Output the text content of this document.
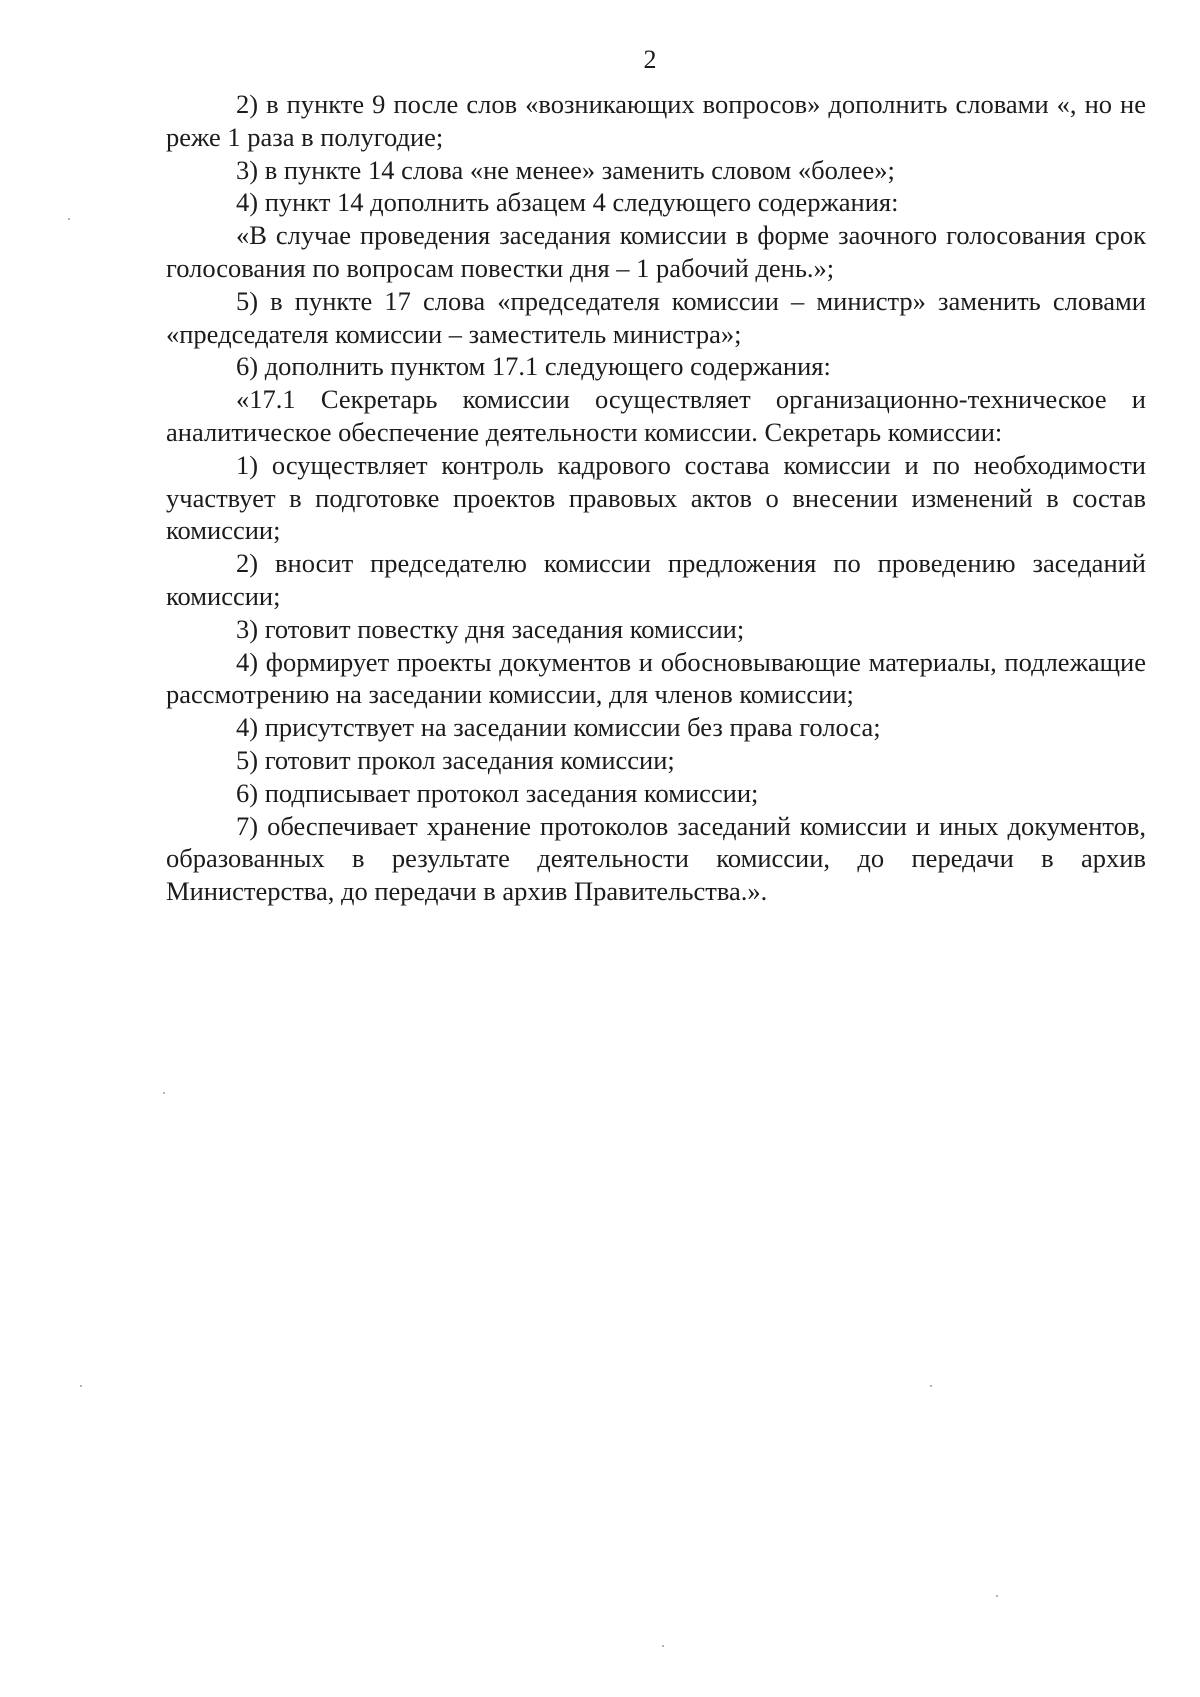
2

2) в пункте 9 после слов «возникающих вопросов» дополнить словами «, но не реже 1 раза в полугодие;

3) в пункте 14 слова «не менее» заменить словом «более»;

4) пункт 14 дополнить абзацем 4 следующего содержания:

«В случае проведения заседания комиссии в форме заочного голосования срок голосования по вопросам повестки дня – 1 рабочий день.»;

5) в пункте 17 слова «председателя комиссии – министр» заменить словами «председателя комиссии – заместитель министра»;

6) дополнить пунктом 17.1 следующего содержания:

«17.1 Секретарь комиссии осуществляет организационно-техническое и аналитическое обеспечение деятельности комиссии. Секретарь комиссии:

1) осуществляет контроль кадрового состава комиссии и по необходимости участвует в подготовке проектов правовых актов о внесении изменений в состав комиссии;

2) вносит председателю комиссии предложения по проведению заседаний комиссии;

3) готовит повестку дня заседания комиссии;

4) формирует проекты документов и обосновывающие материалы, подлежащие рассмотрению на заседании комиссии, для членов комиссии;

4) присутствует на заседании комиссии без права голоса;

5) готовит прокол заседания комиссии;

6) подписывает протокол заседания комиссии;

7) обеспечивает хранение протоколов заседаний комиссии и иных документов, образованных в результате деятельности комиссии, до передачи в архив Министерства, до передачи в архив Правительства.».
